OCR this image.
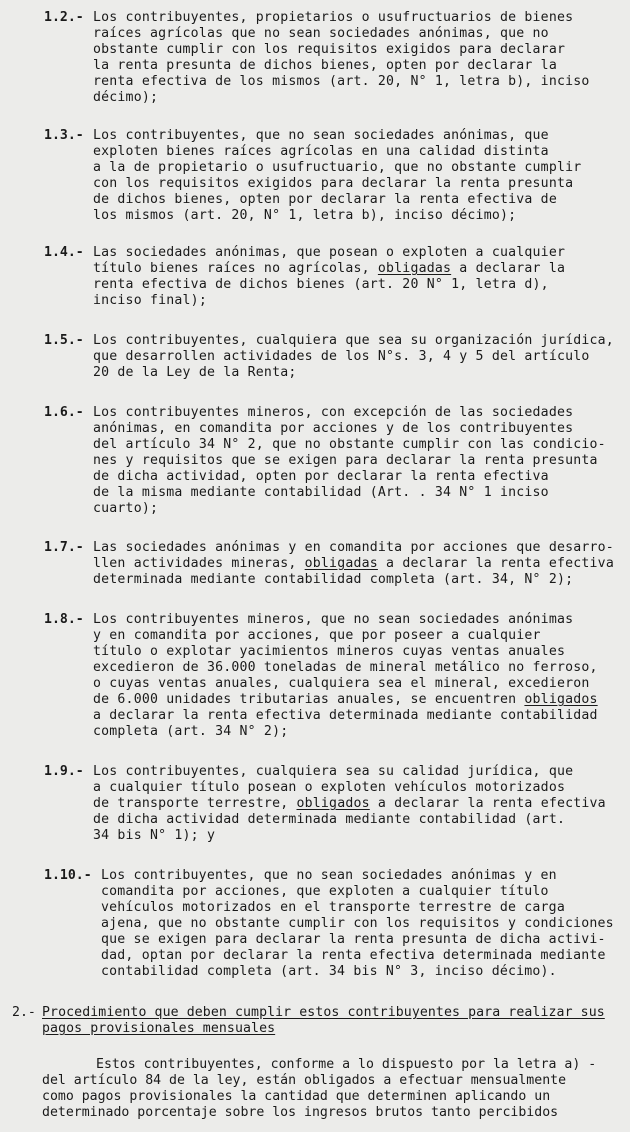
1.2.- Los contribuyentes, propietarios o usufructuarios de bienes
raíces agrícolas que no sean sociedades anónimas, que no
obstante cumplir con los requisitos exigidos para declarar
la renta presunta de dichos bienes, opten por declarar la
renta efectiva de los mismos (art. 20, N° 1, letra b), inciso
décimo);
1.3.- Los contribuyentes, que no sean sociedades anónimas, que
exploten bienes raíces agrícolas en una calidad distinta
a la de propietario o usufructuario, que no obstante cumplir
con los requisitos exigidos para declarar la renta presunta
de dichos bienes, opten por declarar la renta efectiva de
los mismos (art. 20, N° 1, letra b), inciso décimo);
1.4.- Las sociedades anónimas, que posean o exploten a cualquier
título bienes raíces no agrícolas, obligadas a declarar la
renta efectiva de dichos bienes (art. 20 N° 1, letra d),
inciso final);
1.5.- Los contribuyentes, cualquiera que sea su organización jurídica,
que desarrollen actividades de los N°s. 3, 4 y 5 del artículo
20 de la Ley de la Renta;
1.6.- Los contribuyentes mineros, con excepción de las sociedades
anónimas, en comandita por acciones y de los contribuyentes
del artículo 34 N° 2, que no obstante cumplir con las condicio-
nes y requisitos que se exigen para declarar la renta presunta
de dicha actividad, opten por declarar la renta efectiva
de la misma mediante contabilidad (Art. . 34 N° 1 inciso
cuarto);
1.7.- Las sociedades anónimas y en comandita por acciones que desarro-
llen actividades mineras, obligadas a declarar la renta efectiva
determinada mediante contabilidad completa (art. 34, N° 2);
1.8.- Los contribuyentes mineros, que no sean sociedades anónimas
y en comandita por acciones, que por poseer a cualquier
título o explotar yacimientos mineros cuyas ventas anuales
excedieron de 36.000 toneladas de mineral metálico no ferroso,
o cuyas ventas anuales, cualquiera sea el mineral, excedieron
de 6.000 unidades tributarias anuales, se encuentren obligados
a declarar la renta efectiva determinada mediante contabilidad
completa (art. 34 N° 2);
1.9.- Los contribuyentes, cualquiera sea su calidad jurídica, que
a cualquier título posean o exploten vehículos motorizados
de transporte terrestre, obligados a declarar la renta efectiva
de dicha actividad determinada mediante contabilidad (art.
34 bis N° 1); y
1.10.- Los contribuyentes, que no sean sociedades anónimas y en
comandita por acciones, que exploten a cualquier título
vehículos motorizados en el transporte terrestre de carga
ajena, que no obstante cumplir con los requisitos y condiciones
que se exigen para declarar la renta presunta de dicha activi-
dad, optan por declarar la renta efectiva determinada mediante
contabilidad completa (art. 34 bis N° 3, inciso décimo).
2.- Procedimiento que deben cumplir estos contribuyentes para realizar sus
pagos provisionales mensuales
Estos contribuyentes, conforme a lo dispuesto por la letra a) -
del artículo 84 de la ley, están obligados a efectuar mensualmente
como pagos provisionales la cantidad que determinen aplicando un
determinado porcentaje sobre los ingresos brutos tanto percibidos
